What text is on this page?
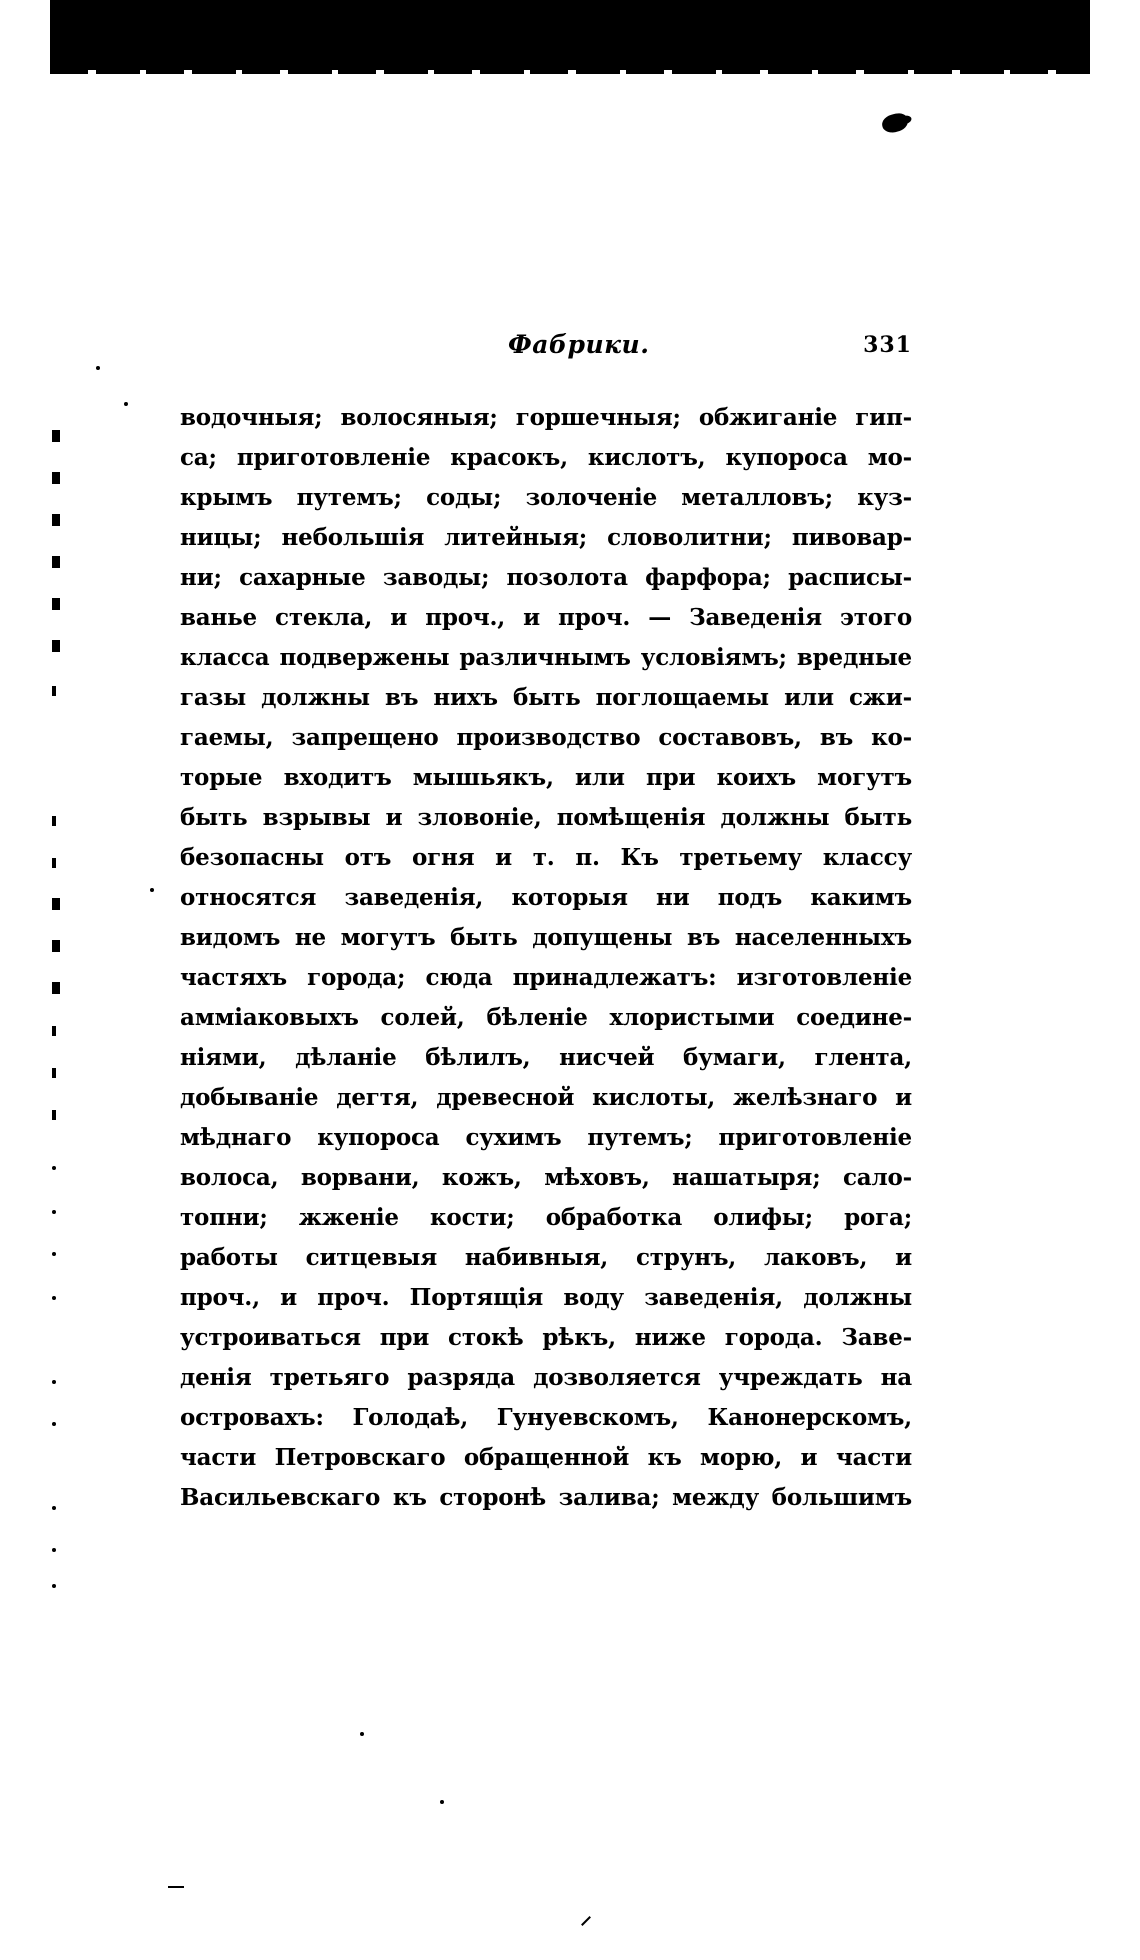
Фабрики.	331
водочныя; волосяныя; горшечныя; обжиганіе гип-
са; приготовленіе красокъ, кислотъ, купороса мо-
крымъ путемъ; соды; золоченіе металловъ; куз-
ницы; небольшія литейныя; словолитни; пивовар-
ни; сахарные заводы; позолота фарфора; расписы-
ванье стекла, и проч., и проч. — Заведенія этого
класса подвержены различнымъ условіямъ; вредные
газы должны въ нихъ быть поглощаемы или сжи-
гаемы, запрещено производство составовъ, въ ко-
торые входитъ мышьякъ, или при коихъ могутъ
быть взрывы и зловоніе, помѣщенія должны быть
безопасны отъ огня и т. п. Къ третьему классу
относятся заведенія, которыя ни подъ какимъ
видомъ не могутъ быть допущены въ населенныхъ
частяхъ города; сюда принадлежатъ: изготовленіе
амміаковыхъ солей, бѣленіе хлористыми соедине-
ніями, дѣланіе бѣлилъ, нисчей бумаги, глента,
добываніе дегтя, древесной кислоты, желѣзнаго и
мѣднаго купороса сухимъ путемъ; приготовленіе
волоса, ворвани, кожъ, мѣховъ, нашатыря; сало-
топни; жженіе кости; обработка олифы; рога;
работы ситцевыя набивныя, струнъ, лаковъ, и
проч., и проч. Портящія воду заведенія, должны
устроиваться при стокѣ рѣкъ, ниже города. Заве-
денія третьяго разряда дозволяется учреждать на
островахъ: Голодаѣ, Гунуевскомъ, Канонерскомъ,
части Петровскаго обращенной къ морю, и части
Васильевскаго къ сторонѣ залива; между большимъ
